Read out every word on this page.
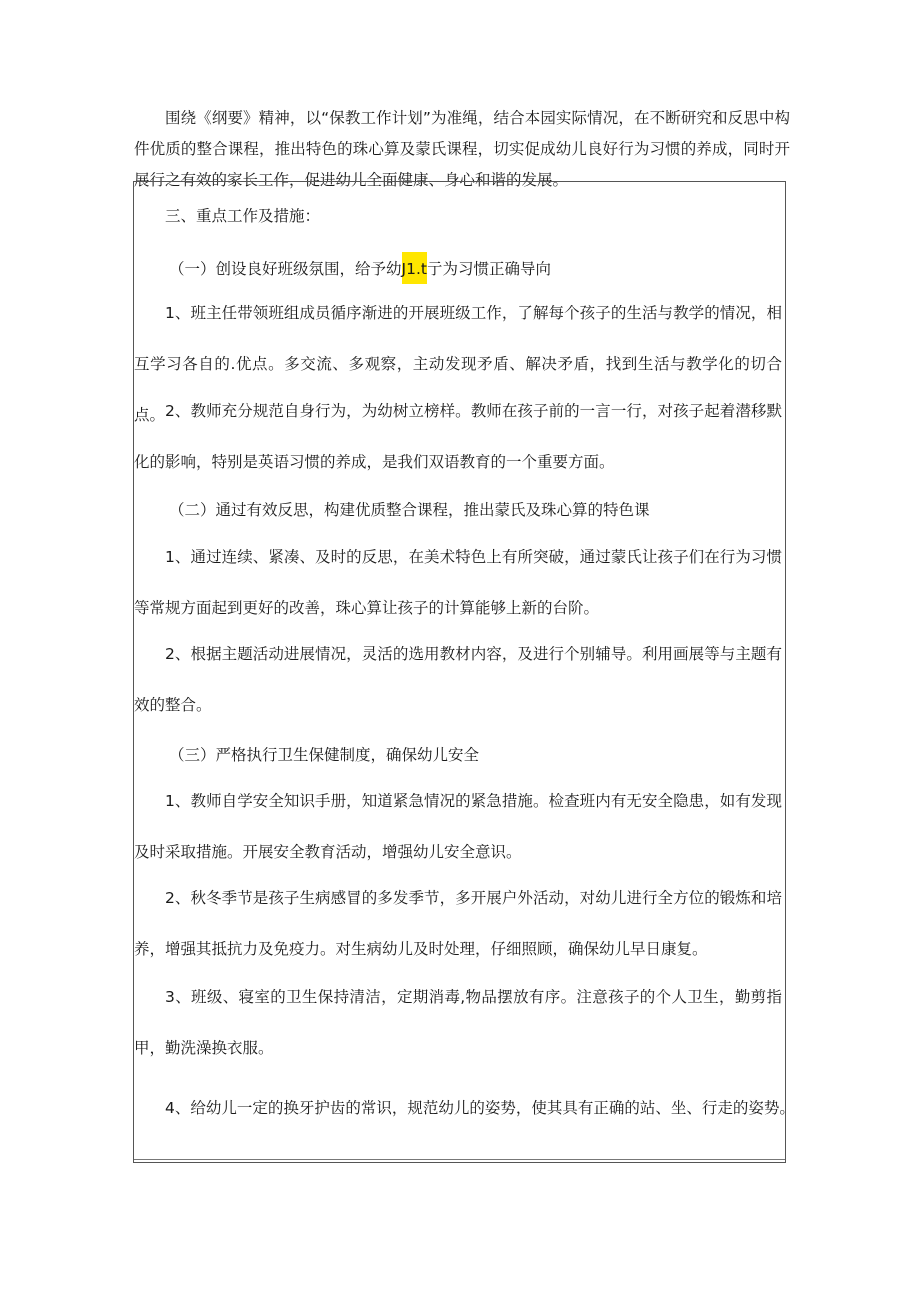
围绕《纲要》精神，以“保教工作计划”为准绳，结合本园实际情况，在不断研究和反思中构件优质的整合课程，推出特色的珠心算及蒙氏课程，切实促成幼儿良好行为习惯的养成，同时开展行之有效的家长工作，促进幼儿全面健康、身心和谐的发展。

三、重点工作及措施：

（一）创设良好班级氛围，给予幼J1.t亍为习惯正确导向

1、班主任带领班组成员循序渐进的开展班级工作，了解每个孩子的生活与教学的情况，相互学习各自的.优点。多交流、多观察，主动发现矛盾、解决矛盾，找到生活与教学化的切合点。 2、教师充分规范自身行为，为幼树立榜样。教师在孩子前的一言一行，对孩子起着潜移默化的影响，特别是英语习惯的养成，是我们双语教育的一个重要方面。

（二）通过有效反思，构建优质整合课程，推出蒙氏及珠心算的特色课

1、通过连续、紧凑、及时的反思，在美术特色上有所突破，通过蒙氏让孩子们在行为习惯等常规方面起到更好的改善，珠心算让孩子的计算能够上新的台阶。

2、根据主题活动进展情况，灵活的选用教材内容，及进行个别辅导。利用画展等与主题有效的整合。

（三）严格执行卫生保健制度，确保幼儿安全

1、教师自学安全知识手册，知道紧急情况的紧急措施。检查班内有无安全隐患，如有发现及时采取措施。开展安全教育活动，增强幼儿安全意识。

2、秋冬季节是孩子生病感冒的多发季节，多开展户外活动，对幼儿进行全方位的锻炼和培养，增强其抵抗力及免疫力。对生病幼儿及时处理，仔细照顾，确保幼儿早日康复。

3、班级、寝室的卫生保持清洁，定期消毒,物品摆放有序。注意孩子的个人卫生，勤剪指甲，勤洗澡换衣服。

4、给幼儿一定的换牙护齿的常识，规范幼儿的姿势，使其具有正确的站、坐、行走的姿势。
